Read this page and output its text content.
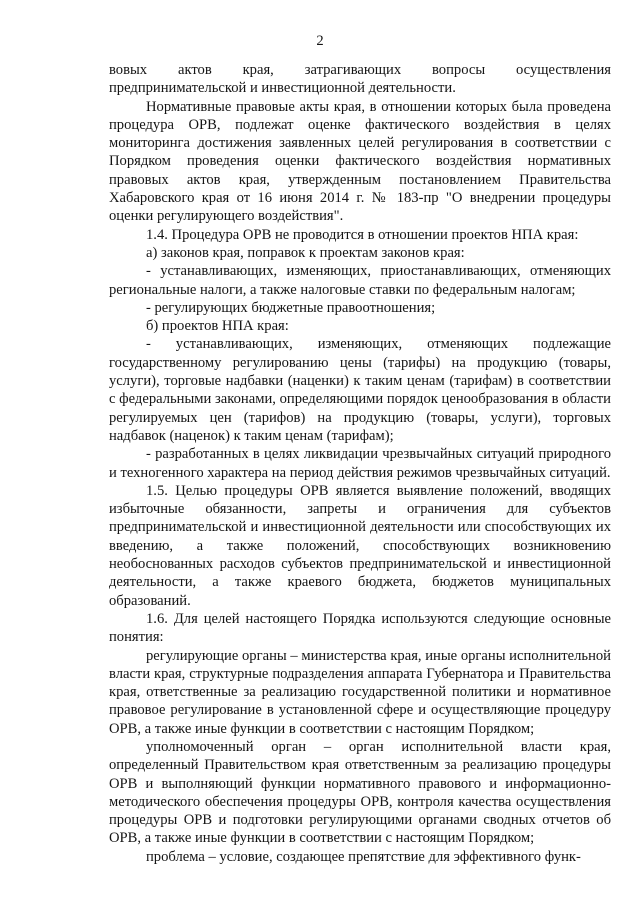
2

вовых актов края, затрагивающих вопросы осуществления предпринимательской и инвестиционной деятельности.

Нормативные правовые акты края, в отношении которых была проведена процедура ОРВ, подлежат оценке фактического воздействия в целях мониторинга достижения заявленных целей регулирования в соответствии с Порядком проведения оценки фактического воздействия нормативных правовых актов края, утвержденным постановлением Правительства Хабаровского края от 16 июня 2014 г. № 183-пр "О внедрении процедуры оценки регулирующего воздействия".

1.4. Процедура ОРВ не проводится в отношении проектов НПА края:

а) законов края, поправок к проектам законов края:

- устанавливающих, изменяющих, приостанавливающих, отменяющих региональные налоги, а также налоговые ставки по федеральным налогам;

- регулирующих бюджетные правоотношения;

б) проектов НПА края:

- устанавливающих, изменяющих, отменяющих подлежащие государственному регулированию цены (тарифы) на продукцию (товары, услуги), торговые надбавки (наценки) к таким ценам (тарифам) в соответствии с федеральными законами, определяющими порядок ценообразования в области регулируемых цен (тарифов) на продукцию (товары, услуги), торговых надбавок (наценок) к таким ценам (тарифам);

- разработанных в целях ликвидации чрезвычайных ситуаций природного и техногенного характера на период действия режимов чрезвычайных ситуаций.

1.5. Целью процедуры ОРВ является выявление положений, вводящих избыточные обязанности, запреты и ограничения для субъектов предпринимательской и инвестиционной деятельности или способствующих их введению, а также положений, способствующих возникновению необоснованных расходов субъектов предпринимательской и инвестиционной деятельности, а также краевого бюджета, бюджетов муниципальных образований.

1.6. Для целей настоящего Порядка используются следующие основные понятия:

регулирующие органы – министерства края, иные органы исполнительной власти края, структурные подразделения аппарата Губернатора и Правительства края, ответственные за реализацию государственной политики и нормативное правовое регулирование в установленной сфере и осуществляющие процедуру ОРВ, а также иные функции в соответствии с настоящим Порядком;

уполномоченный орган – орган исполнительной власти края, определенный Правительством края ответственным за реализацию процедуры ОРВ и выполняющий функции нормативного правового и информационно-методического обеспечения процедуры ОРВ, контроля качества осуществления процедуры ОРВ и подготовки регулирующими органами сводных отчетов об ОРВ, а также иные функции в соответствии с настоящим Порядком;

проблема – условие, создающее препятствие для эффективного функ-
